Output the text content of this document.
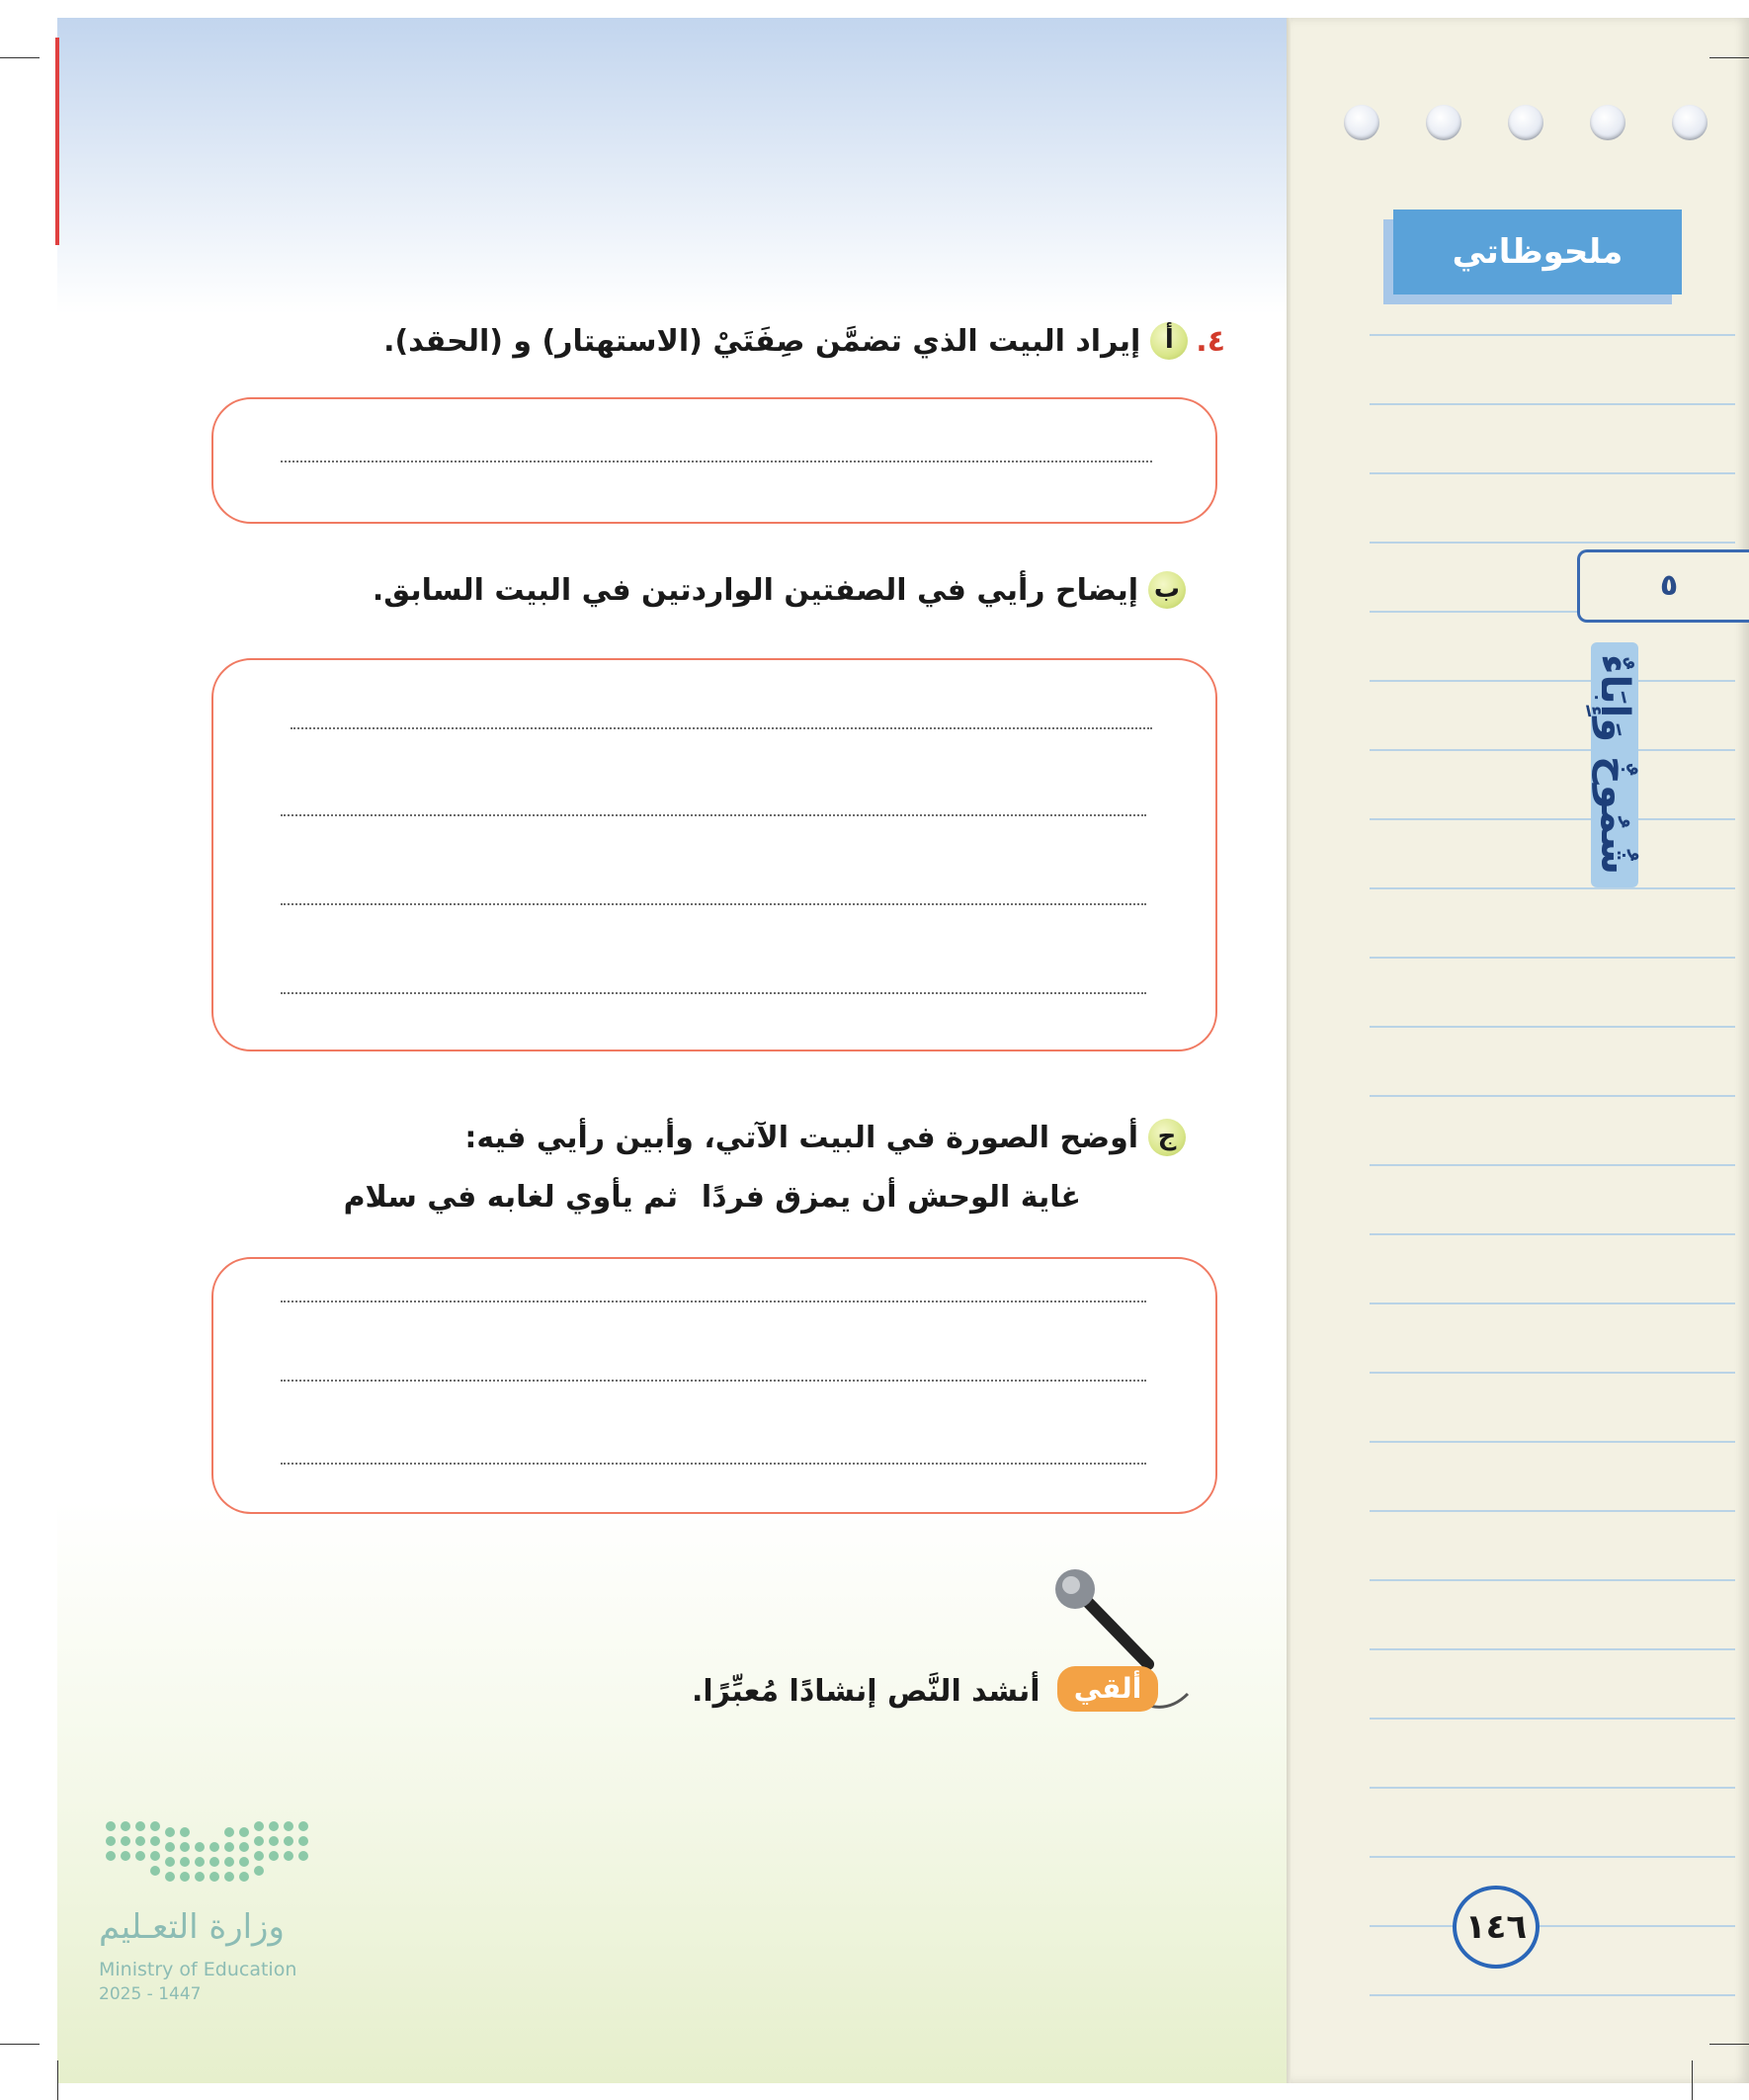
ملحوظاتي
٥
شُمُوخٌ وَإِبَاءٌ
٤.
أ
إيراد البيت الذي تضمَّن صِفَتَيْ (الاستهتار) و (الحقد).
ب
إيضاح رأيي في الصفتين الواردتين في البيت السابق.
ج
أوضح الصورة في البيت الآتي، وأبين رأيي فيه:
غاية الوحش أن يمزق فردًا
ثم يأوي لغابه في سلام
ألقي
أنشد النَّص إنشادًا مُعبِّرًا.
١٤٦
وزارة التعـليم
Ministry of Education
2025 - 1447
